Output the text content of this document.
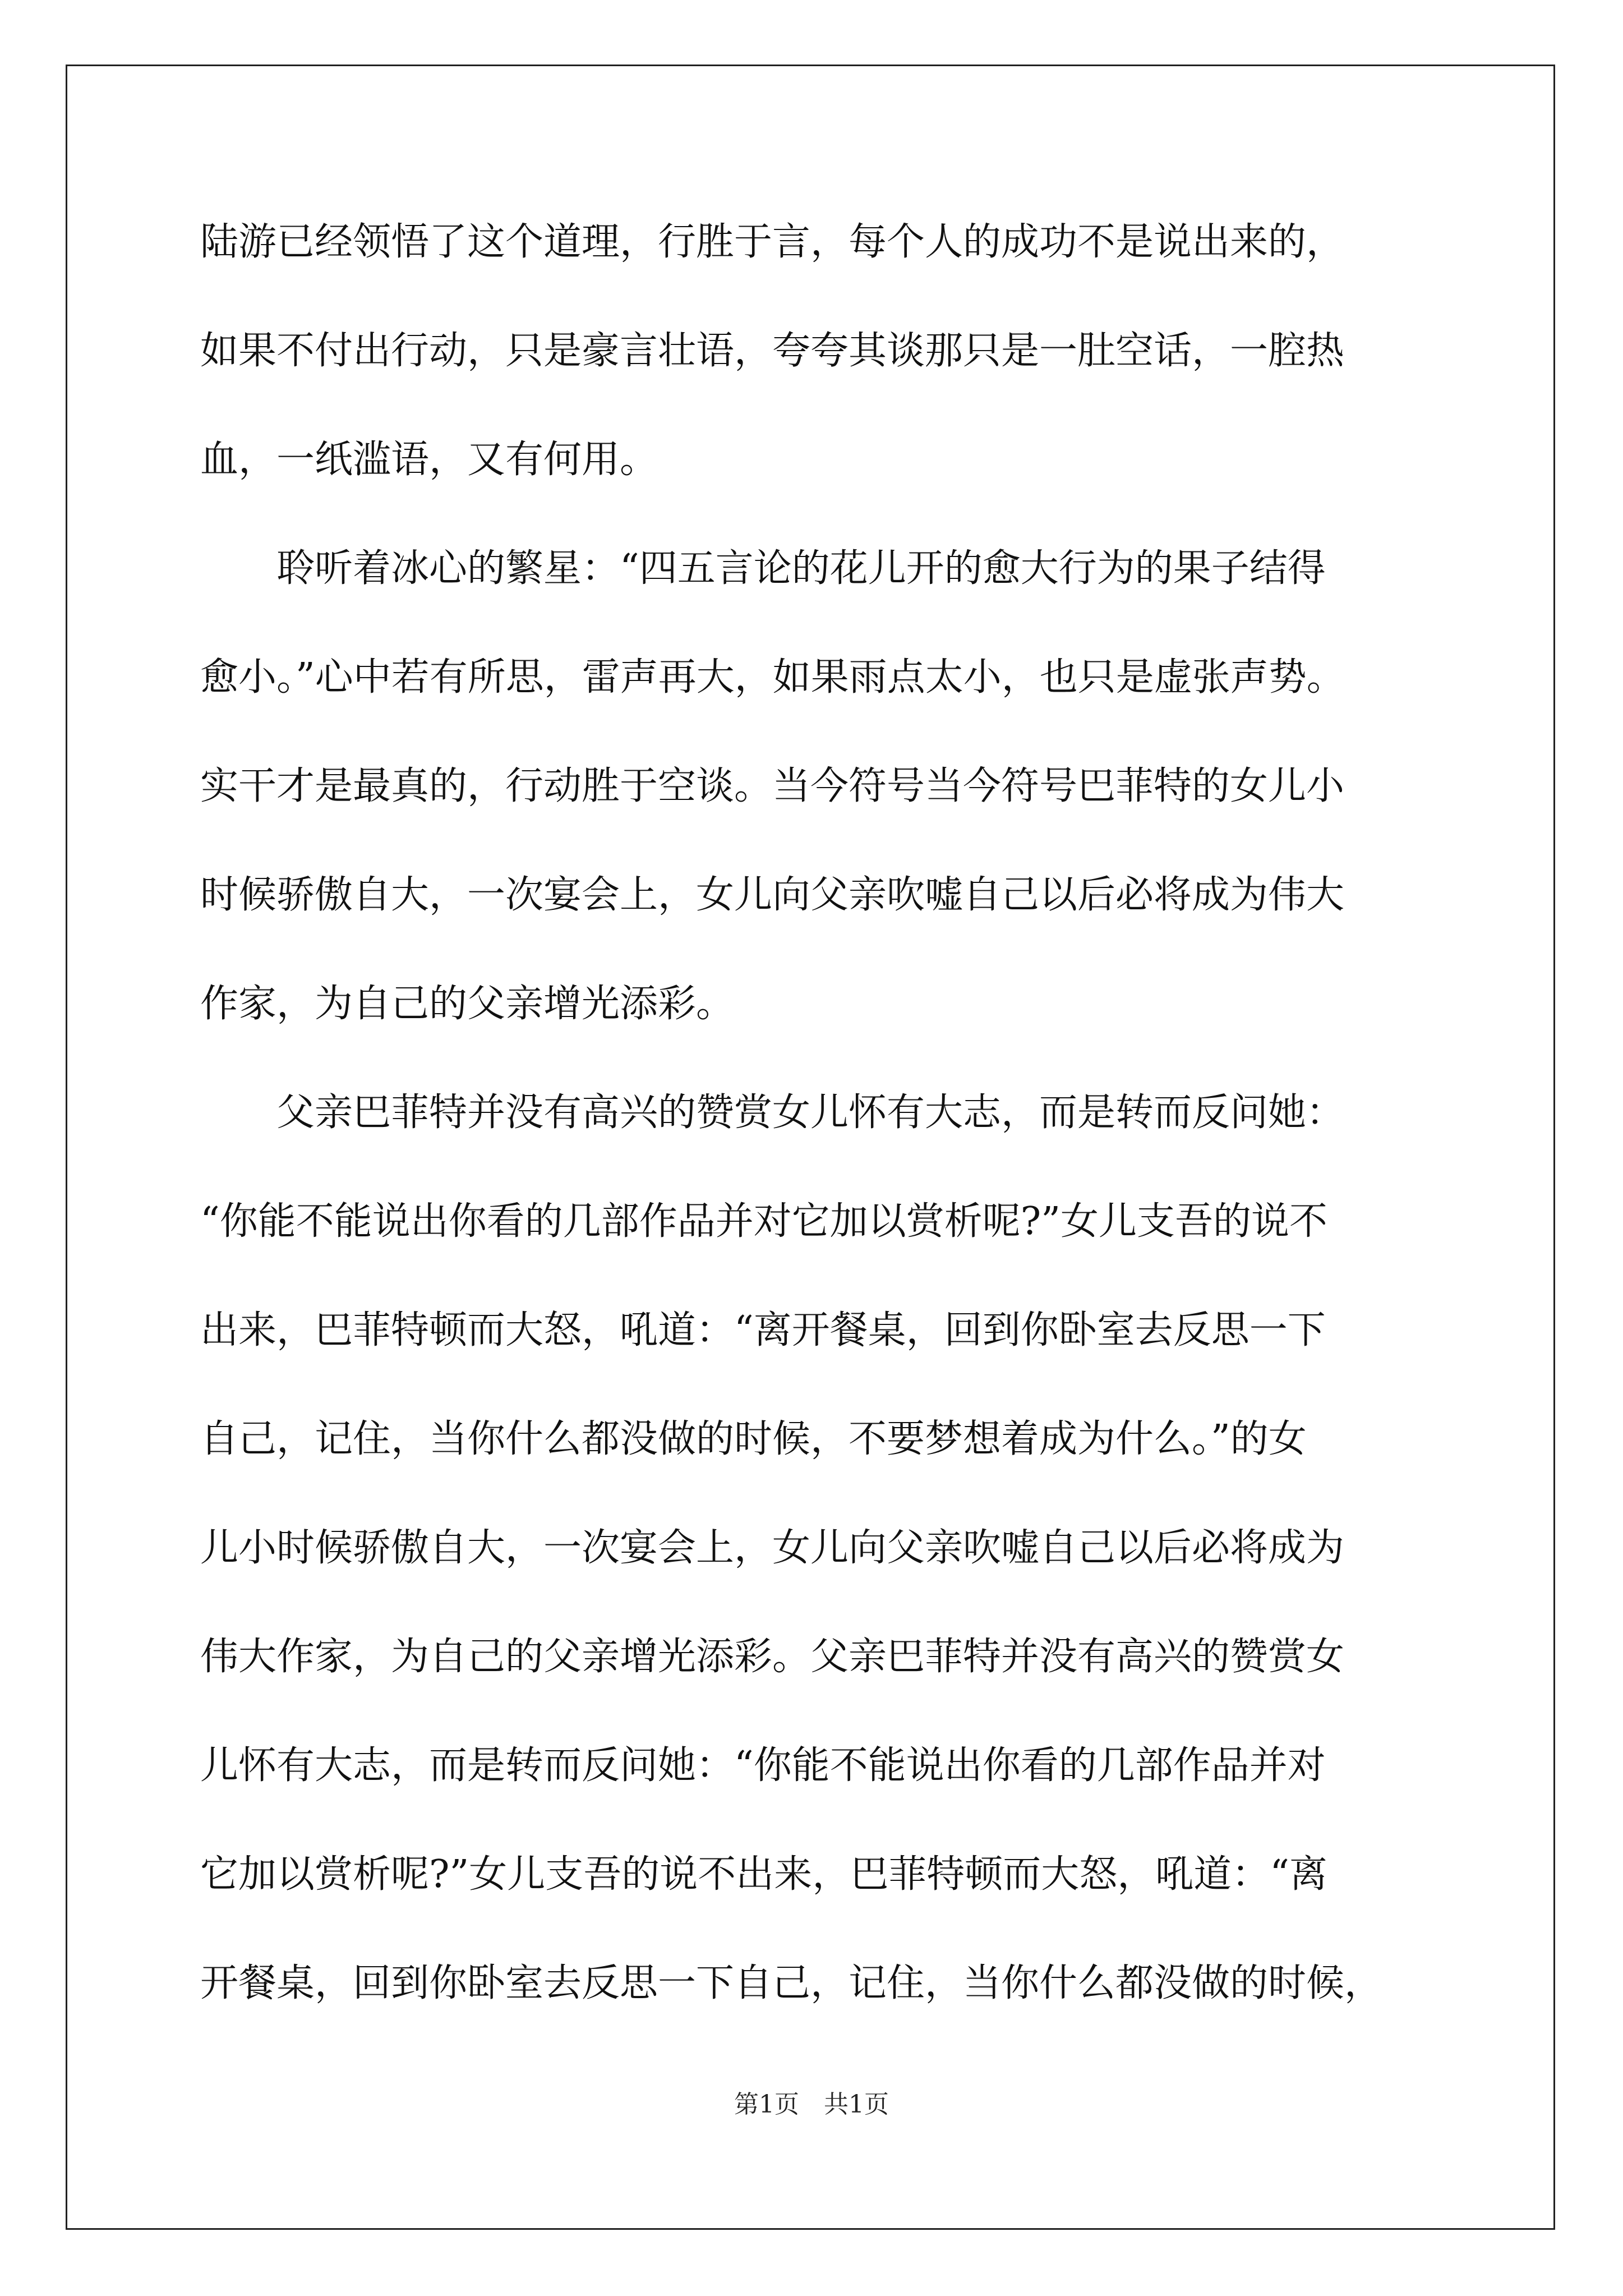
陆游已经领悟了这个道理，行胜于言，每个人的成功不是说出来的，
如果不付出行动，只是豪言壮语，夸夸其谈那只是一肚空话，一腔热
血，一纸滥语，又有何用。
　　聆听着冰心的繁星：“四五言论的花儿开的愈大行为的果子结得
愈小。”心中若有所思，雷声再大，如果雨点太小，也只是虚张声势。
实干才是最真的，行动胜于空谈。当今符号当今符号巴菲特的女儿小
时候骄傲自大，一次宴会上，女儿向父亲吹嘘自己以后必将成为伟大
作家，为自己的父亲增光添彩。
　　父亲巴菲特并没有高兴的赞赏女儿怀有大志，而是转而反问她：
“你能不能说出你看的几部作品并对它加以赏析呢?”女儿支吾的说不
出来，巴菲特顿而大怒，吼道：“离开餐桌，回到你卧室去反思一下
自己，记住，当你什么都没做的时候，不要梦想着成为什么。”的女
儿小时候骄傲自大，一次宴会上，女儿向父亲吹嘘自己以后必将成为
伟大作家，为自己的父亲增光添彩。父亲巴菲特并没有高兴的赞赏女
儿怀有大志，而是转而反问她：“你能不能说出你看的几部作品并对
它加以赏析呢?”女儿支吾的说不出来，巴菲特顿而大怒，吼道：“离
开餐桌，回到你卧室去反思一下自己，记住，当你什么都没做的时候，
第1页　共1页
